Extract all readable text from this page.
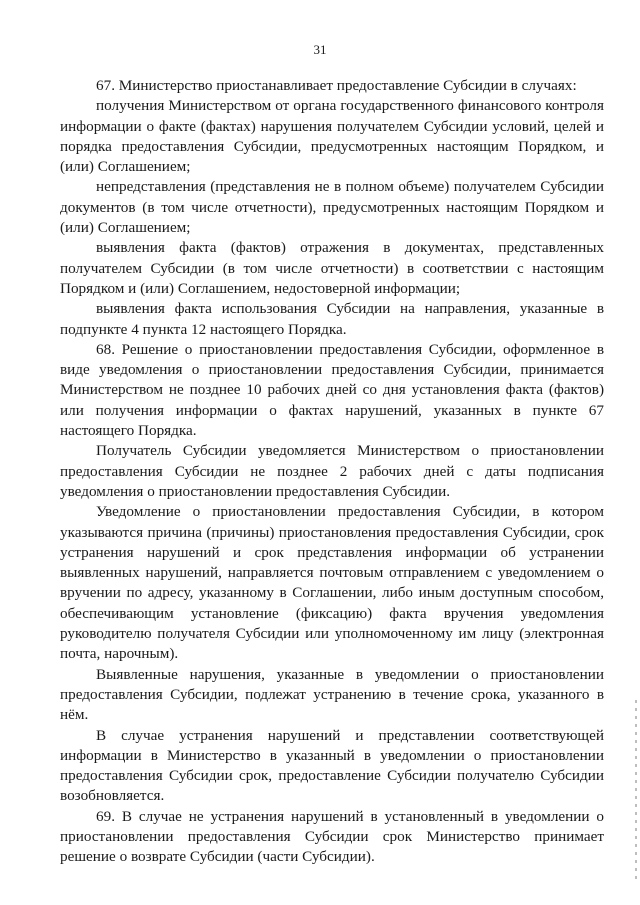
31

67. Министерство приостанавливает предоставление Субсидии в случаях:

получения Министерством от органа государственного финансового контроля информации о факте (фактах) нарушения получателем Субсидии условий, целей и порядка предоставления Субсидии, предусмотренных настоящим Порядком, и (или) Соглашением;

непредставления (представления не в полном объеме) получателем Субсидии документов (в том числе отчетности), предусмотренных настоящим Порядком и (или) Соглашением;

выявления факта (фактов) отражения в документах, представленных получателем Субсидии (в том числе отчетности) в соответствии с настоящим Порядком и (или) Соглашением, недостоверной информации;

выявления факта использования Субсидии на направления, указанные в подпункте 4 пункта 12 настоящего Порядка.

68. Решение о приостановлении предоставления Субсидии, оформленное в виде уведомления о приостановлении предоставления Субсидии, принимается Министерством не позднее 10 рабочих дней со дня установления факта (фактов) или получения информации о фактах нарушений, указанных в пункте 67 настоящего Порядка.

Получатель Субсидии уведомляется Министерством о приостановлении предоставления Субсидии не позднее 2 рабочих дней с даты подписания уведомления о приостановлении предоставления Субсидии.

Уведомление о приостановлении предоставления Субсидии, в котором указываются причина (причины) приостановления предоставления Субсидии, срок устранения нарушений и срок представления информации об устранении выявленных нарушений, направляется почтовым отправлением с уведомлением о вручении по адресу, указанному в Соглашении, либо иным доступным способом, обеспечивающим установление (фиксацию) факта вручения уведомления руководителю получателя Субсидии или уполномоченному им лицу (электронная почта, нарочным).

Выявленные нарушения, указанные в уведомлении о приостановлении предоставления Субсидии, подлежат устранению в течение срока, указанного в нём.

В случае устранения нарушений и представлении соответствующей информации в Министерство в указанный в уведомлении о приостановлении предоставления Субсидии срок, предоставление Субсидии получателю Субсидии возобновляется.

69. В случае не устранения нарушений в установленный в уведомлении о приостановлении предоставления Субсидии срок Министерство принимает решение о возврате Субсидии (части Субсидии).
